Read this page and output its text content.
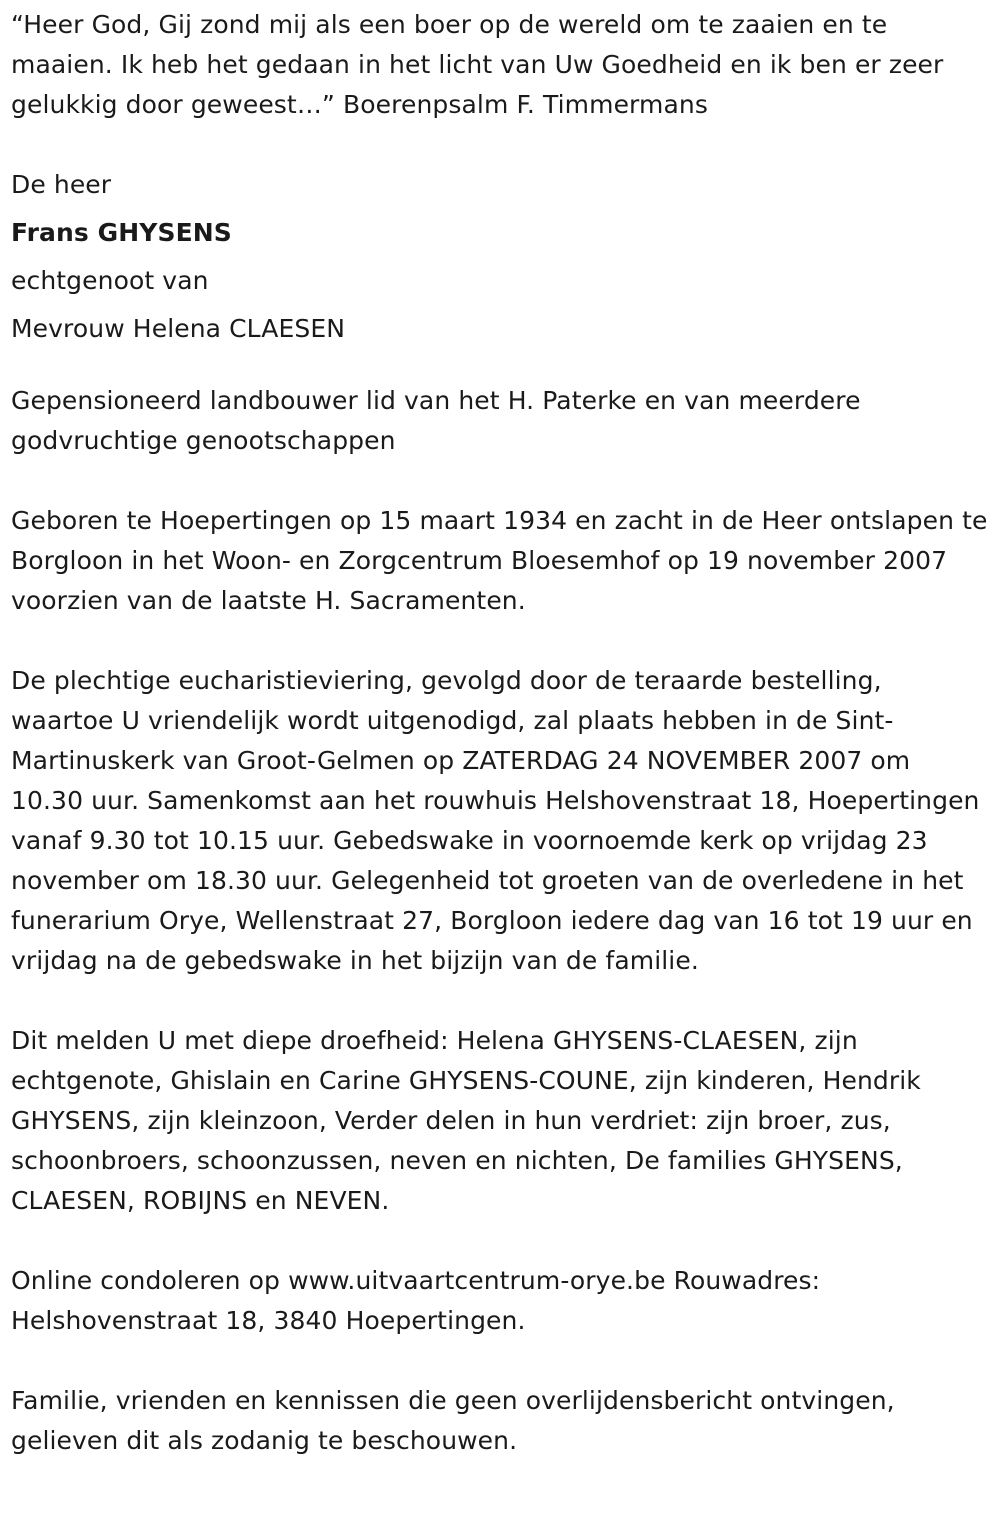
“Heer God, Gij zond mij als een boer op de wereld om te zaaien en te maaien. Ik heb het gedaan in het licht van Uw Goedheid en ik ben er zeer gelukkig door geweest…” Boerenpsalm F. Timmermans

De heer
Frans GHYSENS
echtgenoot van
Mevrouw Helena CLAESEN

Gepensioneerd landbouwer lid van het H. Paterke en van meerdere godvruchtige genootschappen

Geboren te Hoepertingen op 15 maart 1934 en zacht in de Heer ontslapen te Borgloon in het Woon- en Zorgcentrum Bloesemhof op 19 november 2007 voorzien van de laatste H. Sacramenten.

De plechtige eucharistieviering, gevolgd door de teraarde bestelling, waartoe U vriendelijk wordt uitgenodigd, zal plaats hebben in de Sint-Martinuskerk van Groot-Gelmen op ZATERDAG 24 NOVEMBER 2007 om 10.30 uur. Samenkomst aan het rouwhuis Helshovenstraat 18, Hoepertingen vanaf 9.30 tot 10.15 uur. Gebedswake in voornoemde kerk op vrijdag 23 november om 18.30 uur. Gelegenheid tot groeten van de overledene in het funerarium Orye, Wellenstraat 27, Borgloon iedere dag van 16 tot 19 uur en vrijdag na de gebedswake in het bijzijn van de familie.

Dit melden U met diepe droefheid: Helena GHYSENS-CLAESEN, zijn echtgenote, Ghislain en Carine GHYSENS-COUNE, zijn kinderen, Hendrik GHYSENS, zijn kleinzoon, Verder delen in hun verdriet: zijn broer, zus, schoonbroers, schoonzussen, neven en nichten, De families GHYSENS, CLAESEN, ROBIJNS en NEVEN.

Online condoleren op www.uitvaartcentrum-orye.be Rouwadres: Helshovenstraat 18, 3840 Hoepertingen.

Familie, vrienden en kennissen die geen overlijdensbericht ontvingen, gelieven dit als zodanig te beschouwen.
